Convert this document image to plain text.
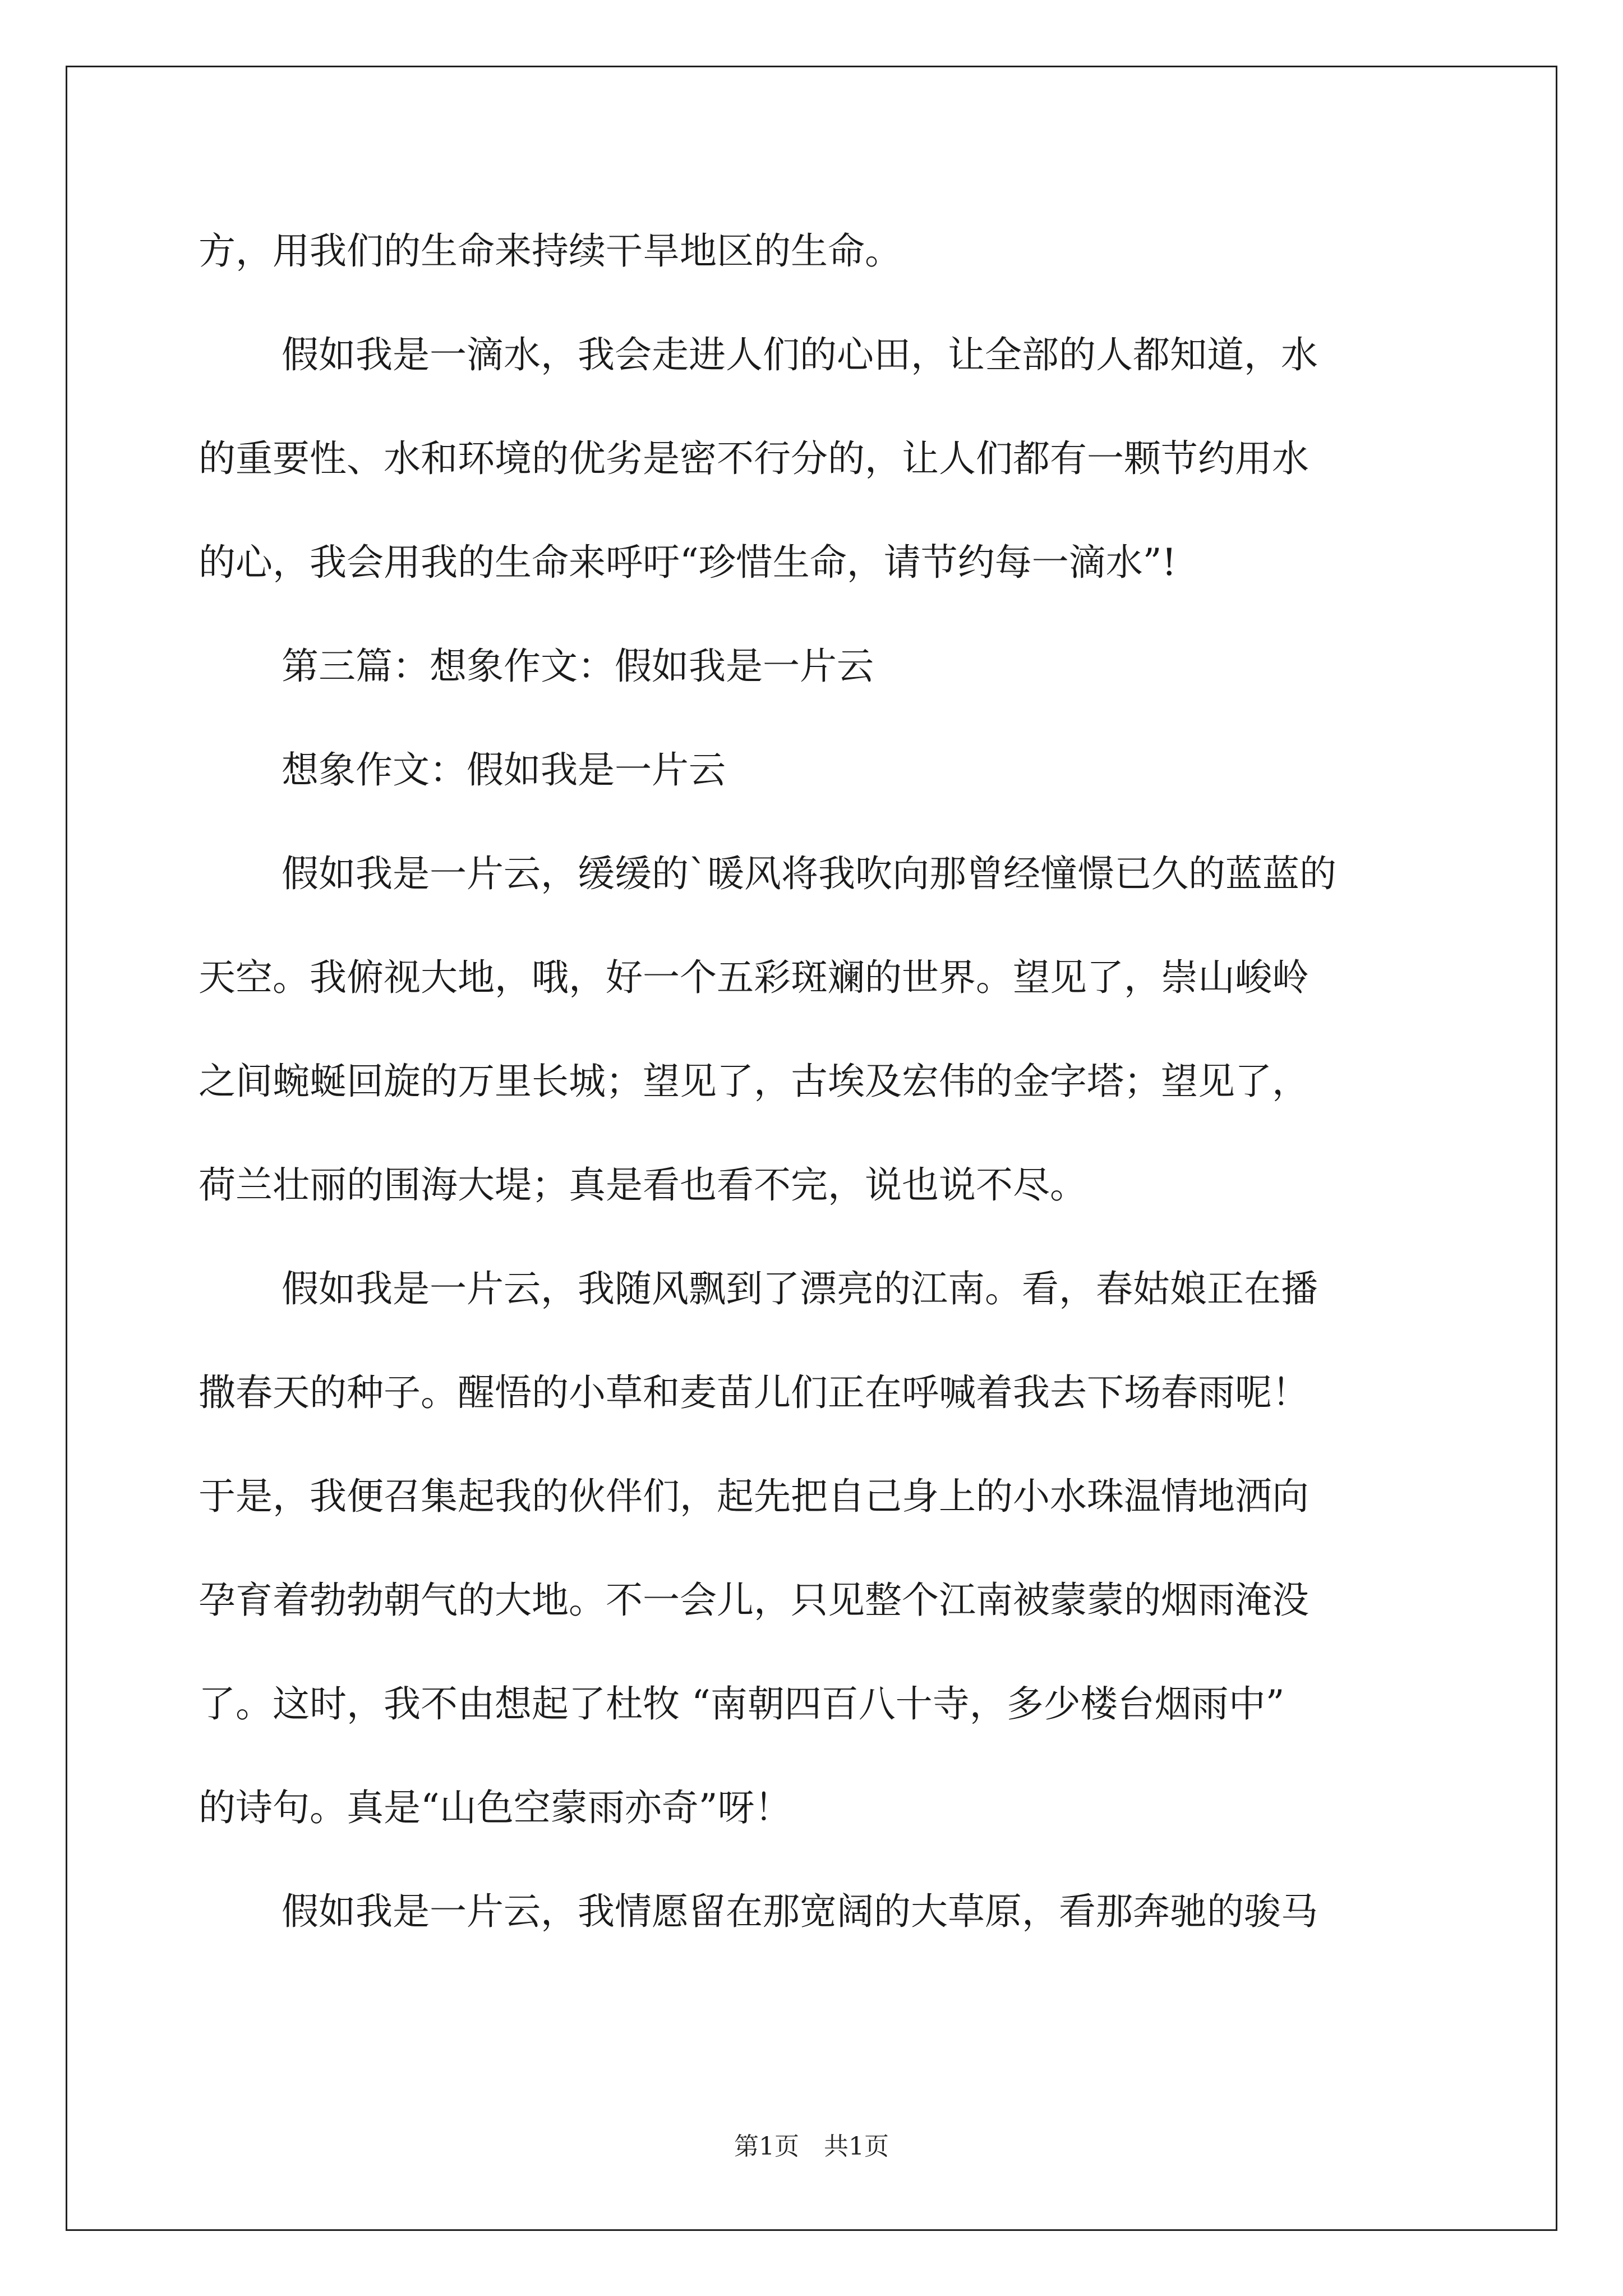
方，用我们的生命来持续干旱地区的生命。
假如我是一滴水，我会走进人们的心田，让全部的人都知道，水
的重要性、水和环境的优劣是密不行分的，让人们都有一颗节约用水
的心，我会用我的生命来呼吁“珍惜生命，请节约每一滴水”!
第三篇：想象作文：假如我是一片云
想象作文：假如我是一片云
假如我是一片云，缓缓的`暖风将我吹向那曾经憧憬已久的蓝蓝的
天空。我俯视大地，哦，好一个五彩斑斓的世界。望见了，崇山峻岭
之间蜿蜒回旋的万里长城；望见了，古埃及宏伟的金字塔；望见了，
荷兰壮丽的围海大堤；真是看也看不完，说也说不尽。
假如我是一片云，我随风飘到了漂亮的江南。看，春姑娘正在播
撒春天的种子。醒悟的小草和麦苗儿们正在呼喊着我去下场春雨呢！
于是，我便召集起我的伙伴们，起先把自己身上的小水珠温情地洒向
孕育着勃勃朝气的大地。不一会儿，只见整个江南被蒙蒙的烟雨淹没
了。这时，我不由想起了杜牧 “南朝四百八十寺，多少楼台烟雨中”
的诗句。真是“山色空蒙雨亦奇”呀！
假如我是一片云，我情愿留在那宽阔的大草原，看那奔驰的骏马
第1页　共1页
